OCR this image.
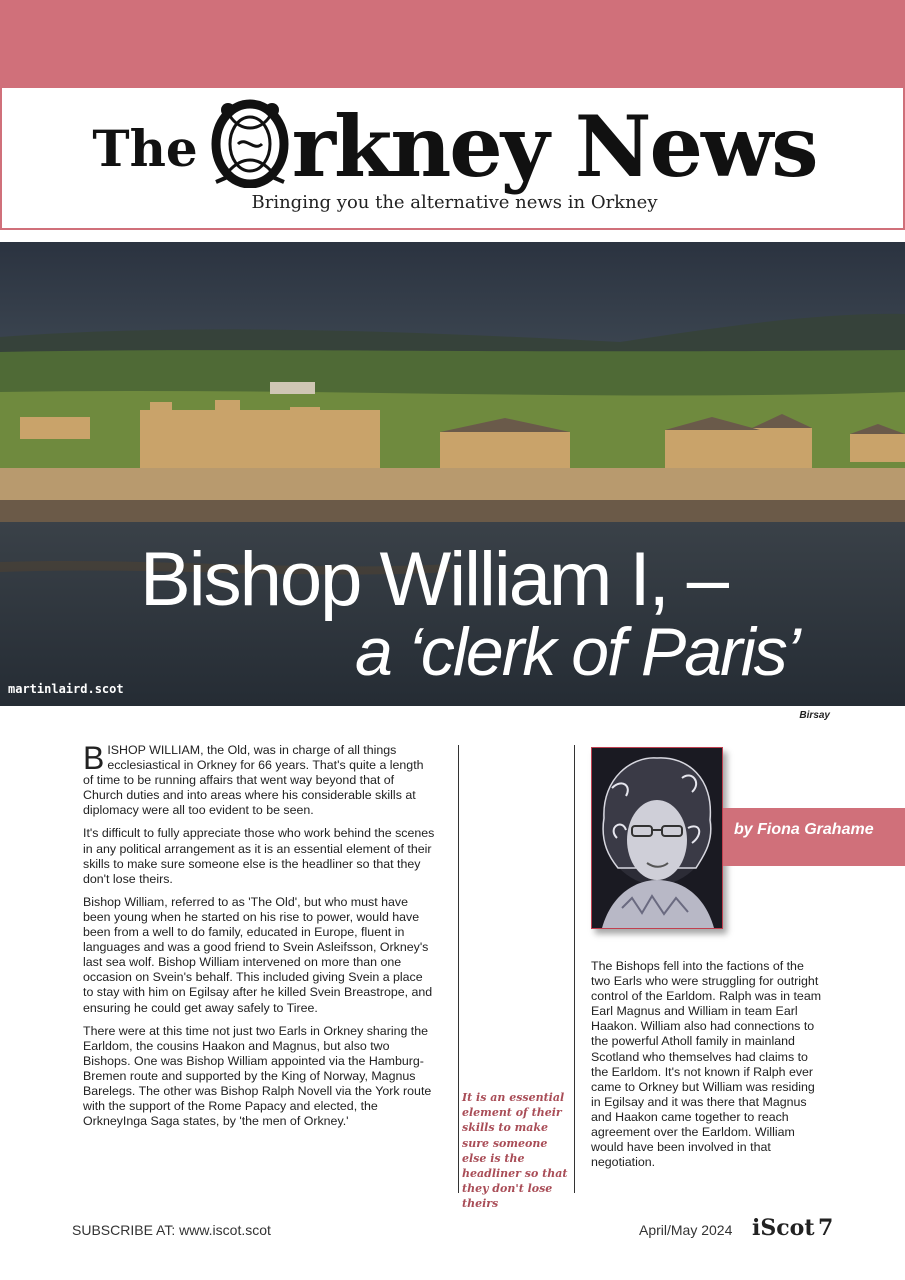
The rkney News
Bringing you the alternative news in Orkney
Bishop William I, –
a ‘clerk of Paris’
martinlaird.scot
Birsay

BISHOP WILLIAM, the Old, was in charge of all things ecclesiastical in Orkney for 66 years. That's quite a length of time to be running affairs that went way beyond that of Church duties and into areas where his considerable skills at diplomacy were all too evident to be seen.

It's difficult to fully appreciate those who work behind the scenes in any political arrangement as it is an essential element of their skills to make sure someone else is the headliner so that they don't lose theirs.

Bishop William, referred to as 'The Old', but who must have been young when he started on his rise to power, would have been from a well to do family, educated in Europe, fluent in languages and was a good friend to Svein Asleifsson, Orkney's last sea wolf. Bishop William intervened on more than one occasion on Svein's behalf. This included giving Svein a place to stay with him on Egilsay after he killed Svein Breastrope, and ensuring he could get away safely to Tiree.

There were at this time not just two Earls in Orkney sharing the Earldom, the cousins Haakon and Magnus, but also two Bishops. One was Bishop William appointed via the Hamburg-Bremen route and supported by the King of Norway, Magnus Barelegs. The other was Bishop Ralph Novell via the York route with the support of the Rome Papacy and elected, the OrkneyInga Saga states, by 'the men of Orkney.'

It is an essential element of their skills to make sure someone else is the headliner so that they don't lose theirs
by Fiona Grahame

The Bishops fell into the factions of the two Earls who were struggling for outright control of the Earldom. Ralph was in team Earl Magnus and William in team Earl Haakon. William also had connections to the powerful Atholl family in mainland Scotland who themselves had claims to the Earldom. It's not known if Ralph ever came to Orkney but William was residing in Egilsay and it was there that Magnus and Haakon came together to reach agreement over the Earldom. William would have been involved in that negotiation.

SUBSCRIBE AT: www.iscot.scot	April/May 2024 iScot 7
